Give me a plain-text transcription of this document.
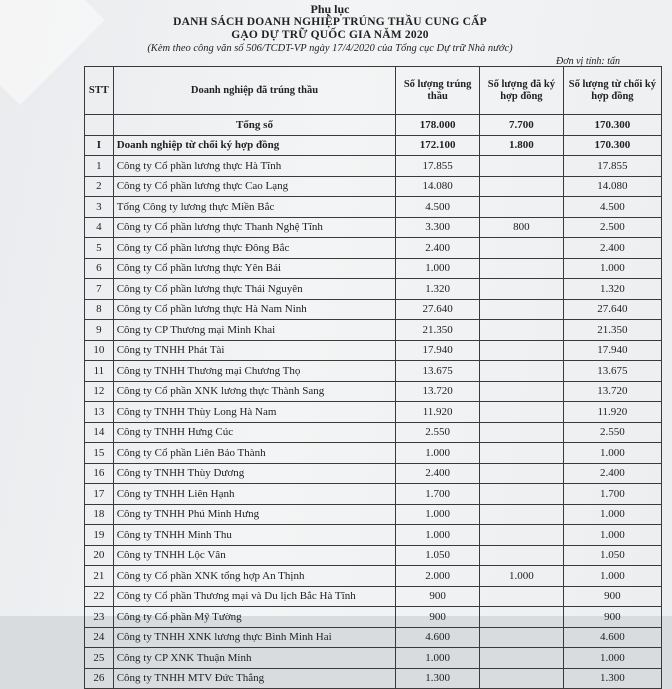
Phụ lục
DANH SÁCH DOANH NGHIỆP TRÚNG THẦU CUNG CẤP
GẠO DỰ TRỮ QUỐC GIA NĂM 2020
(Kèm theo công văn số 506/TCDT-VP ngày 17/4/2020 của Tổng cục Dự trữ Nhà nước)
Đơn vị tính: tấn
STT	Doanh nghiệp đã trúng thầu	Số lượng trúng thầu	Số lượng đã ký hợp đồng	Số lượng từ chối ký hợp đồng
	Tổng số	178.000	7.700	170.300
I	Doanh nghiệp từ chối ký hợp đồng	172.100	1.800	170.300
1	Công ty Cổ phần lương thực Hà Tĩnh	17.855		17.855
2	Công ty Cổ phần lương thực Cao Lạng	14.080		14.080
3	Tổng Công ty lương thực Miền Bắc	4.500		4.500
4	Công ty Cổ phần lương thực Thanh Nghệ Tĩnh	3.300	800	2.500
5	Công ty Cổ phần lương thực Đông Bắc	2.400		2.400
6	Công ty Cổ phần lương thực Yên Bái	1.000		1.000
7	Công ty Cổ phần lương thực Thái Nguyên	1.320		1.320
8	Công ty Cổ phần lương thực Hà Nam Ninh	27.640		27.640
9	Công ty CP Thương mại Minh Khai	21.350		21.350
10	Công ty TNHH Phát Tài	17.940		17.940
11	Công ty TNHH Thương mại Chương Thọ	13.675		13.675
12	Công ty Cổ phần XNK lương thực Thành Sang	13.720		13.720
13	Công ty TNHH Thùy Long Hà Nam	11.920		11.920
14	Công ty TNHH Hưng Cúc	2.550		2.550
15	Công ty Cổ phần Liên Bảo Thành	1.000		1.000
16	Công ty TNHH Thùy Dương	2.400		2.400
17	Công ty TNHH Liên Hạnh	1.700		1.700
18	Công ty TNHH Phú Minh Hưng	1.000		1.000
19	Công ty TNHH Minh Thu	1.000		1.000
20	Công ty TNHH Lộc Vân	1.050		1.050
21	Công ty Cổ phần XNK tổng hợp An Thịnh	2.000	1.000	1.000
22	Công ty Cổ phần Thương mại và Du lịch Bắc Hà Tĩnh	900		900
23	Công ty Cổ phần Mỹ Tường	900		900
24	Công ty TNHH XNK lương thực Bình Minh Hai	4.600		4.600
25	Công ty CP XNK Thuận Minh	1.000		1.000
26	Công ty TNHH MTV Đức Thắng	1.300		1.300
